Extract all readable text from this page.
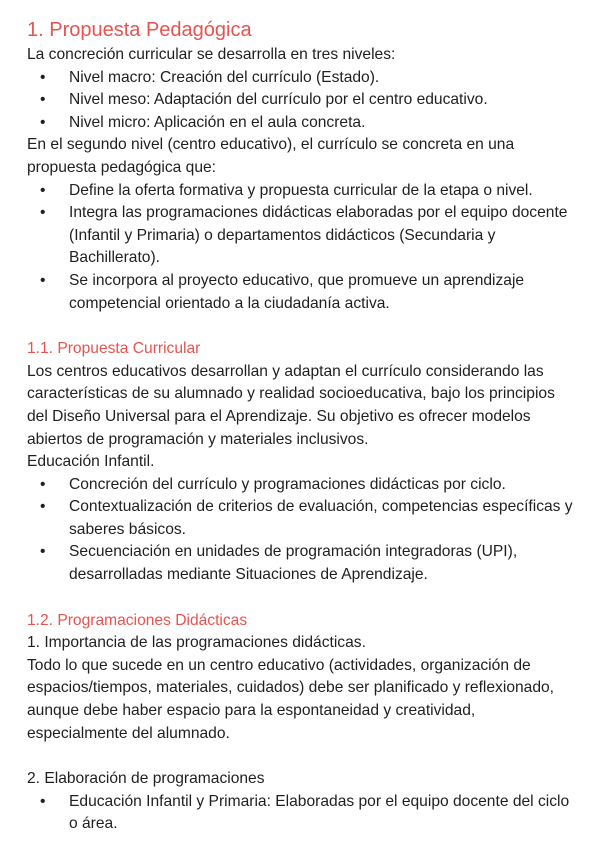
1. Propuesta Pedagógica

La concreción curricular se desarrolla en tres niveles:

• Nivel macro: Creación del currículo (Estado).
• Nivel meso: Adaptación del currículo por el centro educativo.
• Nivel micro: Aplicación en el aula concreta.

En el segundo nivel (centro educativo), el currículo se concreta en una propuesta pedagógica que:

• Define la oferta formativa y propuesta curricular de la etapa o nivel.
• Integra las programaciones didácticas elaboradas por el equipo docente (Infantil y Primaria) o departamentos didácticos (Secundaria y Bachillerato).
• Se incorpora al proyecto educativo, que promueve un aprendizaje competencial orientado a la ciudadanía activa.
1.1. Propuesta Curricular

Los centros educativos desarrollan y adaptan el currículo considerando las características de su alumnado y realidad socioeducativa, bajo los principios del Diseño Universal para el Aprendizaje. Su objetivo es ofrecer modelos abiertos de programación y materiales inclusivos.

Educación Infantil.

• Concreción del currículo y programaciones didácticas por ciclo.
• Contextualización de criterios de evaluación, competencias específicas y saberes básicos.
• Secuenciación en unidades de programación integradoras (UPI), desarrolladas mediante Situaciones de Aprendizaje.
1.2. Programaciones Didácticas

1. Importancia de las programaciones didácticas.

Todo lo que sucede en un centro educativo (actividades, organización de espacios/tiempos, materiales, cuidados) debe ser planificado y reflexionado, aunque debe haber espacio para la espontaneidad y creatividad, especialmente del alumnado.

2. Elaboración de programaciones

• Educación Infantil y Primaria: Elaboradas por el equipo docente del ciclo o área.
